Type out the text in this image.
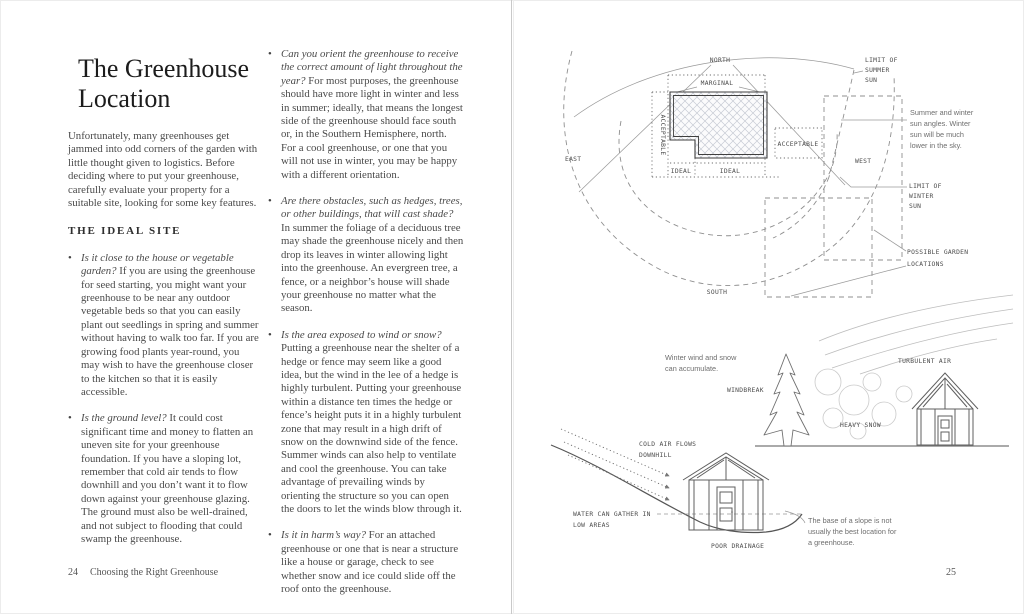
The Greenhouse
Location
Unfortunately, many greenhouses get jammed into odd corners of the garden with little thought given to logistics. Before deciding where to put your greenhouse, carefully evaluate your property for a suitable site, looking for some key features.
THE IDEAL SITE
• Is it close to the house or vegetable garden? If you are using the greenhouse for seed starting, you might want your greenhouse to be near any outdoor vegetable beds so that you can easily plant out seedlings in spring and summer without having to walk too far. If you are growing food plants year-round, you may wish to have the greenhouse closer to the kitchen so that it is easily accessible.
• Is the ground level? It could cost significant time and money to flatten an uneven site for your greenhouse foundation. If you have a sloping lot, remember that cold air tends to flow downhill and you don’t want it to flow down against your greenhouse glazing. The ground must also be well-drained, and not subject to flooding that could swamp the greenhouse.
• Can you orient the greenhouse to receive the correct amount of light throughout the year? For most purposes, the greenhouse should have more light in winter and less in summer; ideally, that means the longest side of the greenhouse should face south or, in the Southern Hemisphere, north. For a cool greenhouse, or one that you will not use in winter, you may be happy with a different orientation.
• Are there obstacles, such as hedges, trees, or other buildings, that will cast shade? In summer the foliage of a deciduous tree may shade the greenhouse nicely and then drop its leaves in winter allowing light into the greenhouse. An evergreen tree, a fence, or a neighbor’s house will shade your greenhouse no matter what the season.
• Is the area exposed to wind or snow? Putting a greenhouse near the shelter of a hedge or fence may seem like a good idea, but the wind in the lee of a hedge is highly turbulent. Putting your greenhouse within a distance ten times the hedge or fence’s height puts it in a highly turbulent zone that may result in a high drift of snow on the downwind side of the fence. Summer winds can also help to ventilate and cool the greenhouse. You can take advantage of prevailing winds by orienting the structure so you can open the doors to let the winds blow through it.
• Is it in harm’s way? For an attached greenhouse or one that is near a structure like a house or garage, check to see whether snow and ice could slide off the roof onto the greenhouse.
24 Choosing the Right Greenhouse	25
NORTH
EAST	WEST
SOUTH
MARGINAL
ACCEPTABLE	ACCEPTABLE
IDEAL	IDEAL
LIMIT OF
SUMMER
SUN
Summer and winter
sun angles. Winter
sun will be much
lower in the sky.
LIMIT OF
WINTER
SUN
POSSIBLE GARDEN
LOCATIONS
Winter wind and snow
can accumulate.
WINDBREAK
TURBULENT AIR
HEAVY SNOW
COLD AIR FLOWS
DOWNHILL
WATER CAN GATHER IN
LOW AREAS
POOR DRAINAGE
The base of a slope is not
usually the best location for
a greenhouse.
